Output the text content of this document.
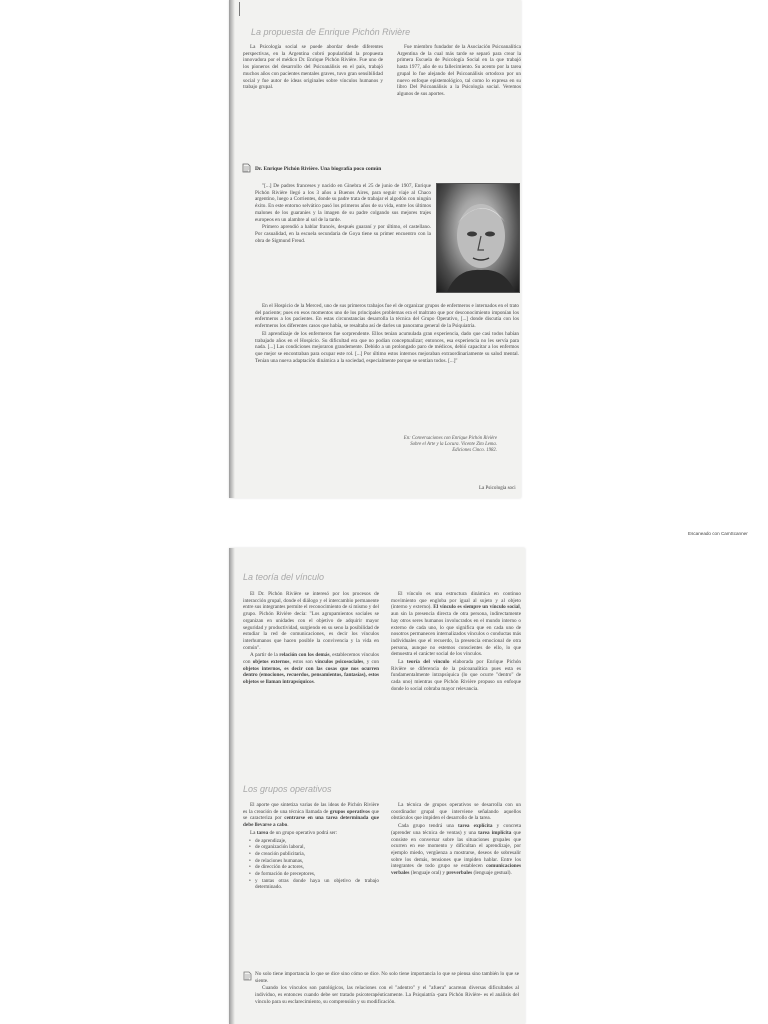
La propuesta de Enrique Pichón Rivière

La Psicología social se puede abordar desde diferentes perspectivas, en la Argentina cobró popularidad la propuesta innovadora por el médico Dr. Enrique Pichón Rivière. Fue uno de los pioneros del desarrollo del Psicoanálisis en el país, trabajó muchos años con pacientes mentales graves, tuvo gran sensibilidad social y fue autor de ideas originales sobre vínculos humanos y trabajo grupal.

Fue miembro fundador de la Asociación Psicoanalítica Argentina de la cual más tarde se separó para crear la primera Escuela de Psicología Social en la que trabajó hasta 1977, año de su fallecimiento. Su acento por la tarea grupal lo fue alejando del Psicoanálisis ortodoxo por un nuevo enfoque epistemológico, tal como lo expresa en su libro Del Psicoanálisis a la Psicología social. Veremos algunos de sus aportes.

Dr. Enrique Pichón Rivière. Una biografía poco común

"[...] De padres franceses y nacido en Ginebra el 25 de junio de 1907, Enrique Pichón Rivière llegó a los 3 años a Buenos Aires, para seguir viaje al Chaco argentino, luego a Corrientes, donde su padre trata de trabajar el algodón con ningún éxito. En este entorno selvático pasó los primeros años de su vida, entre los últimos malones de los guaraníes y la imagen de su padre colgando sus mejores trajes europeos en un alambre al sol de la tarde.

Primero aprendió a hablar francés, después guaraní y por último, el castellano. Por casualidad, en la escuela secundaria de Goya tiene su primer encuentro con la obra de Sigmund Freud.

En el Hospicio de la Merced, uno de sus primeros trabajos fue el de organizar grupos de enfermeros e internados en el trato del paciente; pues en esos momentos uno de los principales problemas era el maltrato que por desconocimiento imponían los enfermeros a los pacientes. En estas circunstancias desarrolla la técnica del Grupo Operativo, [...] donde discutía con los enfermeros los diferentes casos que había, se resaltaba así de darles un panorama general de la Psiquiatría.

El aprendizaje de los enfermeros fue sorprendente. Ellos tenían acumulada gran experiencia, dado que casi todos habían trabajado años en el Hospicio. Su dificultad era que no podían conceptualizar; entonces, esa experiencia no les servía para nada. [...] Las condiciones mejoraron grandemente. Debido a un prolongado paro de médicos, debió capacitar a los enfermos que mejor se encontraban para ocupar este rol. [...] Por último estos internos mejoraban extraordinariamente su salud mental. Tenían una nueva adaptación dinámica a la sociedad, especialmente porque se sentían todos. [...]"

En: Conversaciones con Enrique Pichón Rivière
Sobre el Arte y la Locura. Vicente Zito Lema.
Ediciones Cinco. 1982.
La Psicología soci
Escaneado con CamScanner
La teoría del vínculo

El Dr. Pichón Rivière se interesó por los procesos de interacción grupal, donde el diálogo y el intercambio permanente entre sus integrantes permite el reconocimiento de sí mismo y del grupo. Pichón Rivière decía: "Los agrupamientos sociales se organizan en unidades con el objetivo de adquirir mayor seguridad y productividad, surgiendo en su seno la posibilidad de estudiar la red de comunicaciones, es decir los vínculos interhumanos que hacen posible la convivencia y la vida en común".

A partir de la relación con los demás, establecemos vínculos con objetos externos, estos son vínculos psicosociales, y con objetos internos, es decir con las cosas que nos ocurren dentro (emociones, recuerdos, pensamientos, fantasías), estos objetos se llaman intrapsíquicos.

El vínculo es una estructura dinámica en continuo movimiento que engloba por igual al sujeto y al objeto (interno y externo). El vínculo es siempre un vínculo social, aun sin la presencia directa de otra persona, indirectamente hay otros seres humanos involucrados en el mundo interno o externo de cada uno, lo que significa que en cada uno de nosotros permanecen internalizados vínculos o conductas más individuales que el recuerdo, la presencia emocional de otra persona, aunque no estemos conscientes de ello, lo que demuestra el carácter social de los vínculos.

La teoría del vínculo elaborada por Enrique Pichón Rivière se diferencia de la psicoanalítica pues esta es fundamentalmente intrapsíquica (lo que ocurre "dentro" de cada uno) mientras que Pichón Rivière propuso un enfoque donde lo social cobraba mayor relevancia.

Los grupos operativos

El aporte que sintetiza varias de las ideas de Pichón Rivière es la creación de una técnica llamada de grupos operativos que se caracteriza por centrarse en una tarea determinada que debe llevarse a cabo.

La tarea de un grupo operativo podrá ser:

• de aprendizaje,
• de organización laboral,
• de creación publicitaria,
• de relaciones humanas,
• de dirección de actores,
• de formación de preceptores,
• y tantas otras donde haya un objetivo de trabajo determinado.

La técnica de grupos operativos se desarrolla con un coordinador grupal que interviene señalando aquellos obstáculos que impiden el desarrollo de la tarea.

Cada grupo tendrá una tarea explícita y concreta (aprender una técnica de ventas) y una tarea implícita que consiste en conversar sobre las situaciones grupales que ocurren en ese momento y dificultan el aprendizaje, por ejemplo miedo, vergüenza a mostrarse, deseos de sobresalir sobre los demás, tensiones que impiden hablar. Entre los integrantes de todo grupo se establecen comunicaciones verbales (lenguaje oral) y preverbales (lenguaje gestual).

No solo tiene importancia lo que se dice sino cómo se dice. No solo tiene importancia lo que se piensa sino también lo que se siente.

Cuando los vínculos son patológicos, las relaciones con el "adentro" y el "afuera" acarrean diversas dificultades al individuo, es entonces cuando debe ser tratado psicoterapéuticamente. La Psiquiatría -para Pichón Rivière- es el análisis del vínculo para su esclarecimiento, su comprensión y su modificación.
